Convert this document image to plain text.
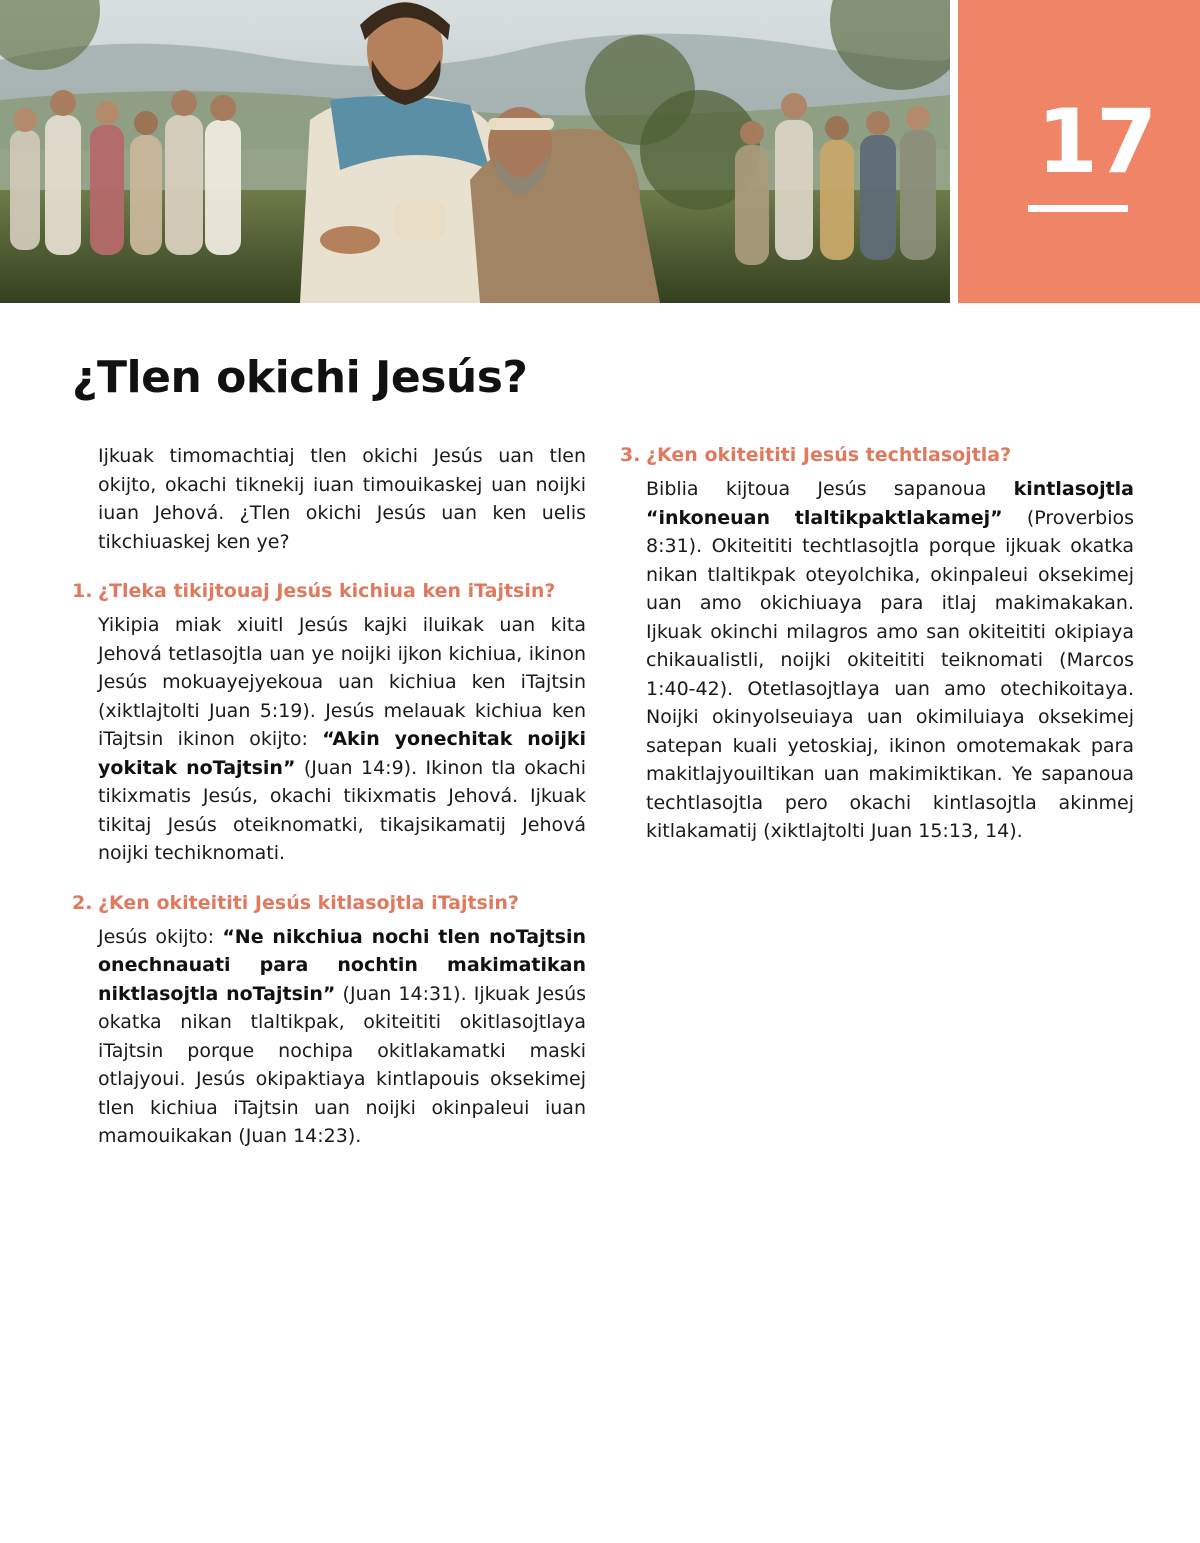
17
¿Tlen okichi Jesús?

Ijkuak timomachtiaj tlen okichi Jesús uan tlen okijto, okachi tiknekij iuan timouikaskej uan noijki iuan Jehová. ¿Tlen okichi Jesús uan ken uelis tikchiuaskej ken ye?

1. ¿Tleka tikijtouaj Jesús kichiua ken iTajtsin?

Yikipia miak xiuitl Jesús kajki iluikak uan kita Jehová tetlasojtla uan ye noijki ijkon kichiua, ikinon Jesús mokuayejyekoua uan kichiua ken iTajtsin (xiktlajtolti Juan 5:19). Jesús melauak kichiua ken iTajtsin ikinon okijto: “Akin yonechitak noijki yokitak noTajtsin” (Juan 14:9). Ikinon tla okachi tikixmatis Jesús, okachi tikixmatis Jehová. Ijkuak tikitaj Jesús oteiknomatki, tikajsikamatij Jehová noijki techiknomati.

2. ¿Ken okiteititi Jesús kitlasojtla iTajtsin?

Jesús okijto: “Ne nikchiua nochi tlen noTajtsin onechnauati para nochtin makimatikan niktlasojtla noTajtsin” (Juan 14:31). Ijkuak Jesús okatka nikan tlaltikpak, okiteititi okitlasojtlaya iTajtsin porque nochipa okitlakamatki maski otlajyoui. Jesús okipaktiaya kintlapouis oksekimej tlen kichiua iTajtsin uan noijki okinpaleui iuan mamouikakan (Juan 14:23).

3. ¿Ken okiteititi Jesús techtlasojtla?

Biblia kijtoua Jesús sapanoua kintlasojtla “inkoneuan tlaltikpaktlakamej” (Proverbios 8:31). Okiteititi techtlasojtla porque ijkuak okatka nikan tlaltikpak oteyolchika, okinpaleui oksekimej uan amo okichiuaya para itlaj makimakakan. Ijkuak okinchi milagros amo san okiteititi okipiaya chikaualistli, noijki okiteititi teiknomati (Marcos 1:40-42). Otetlasojtlaya uan amo otechikoitaya. Noijki okinyolseuiaya uan okimiluiaya oksekimej satepan kuali yetoskiaj, ikinon omotemakak para makitlajyouiltikan uan makimiktikan. Ye sapanoua techtlasojtla pero okachi kintlasojtla akinmej kitlakamatij (xiktlajtolti Juan 15:13, 14).
